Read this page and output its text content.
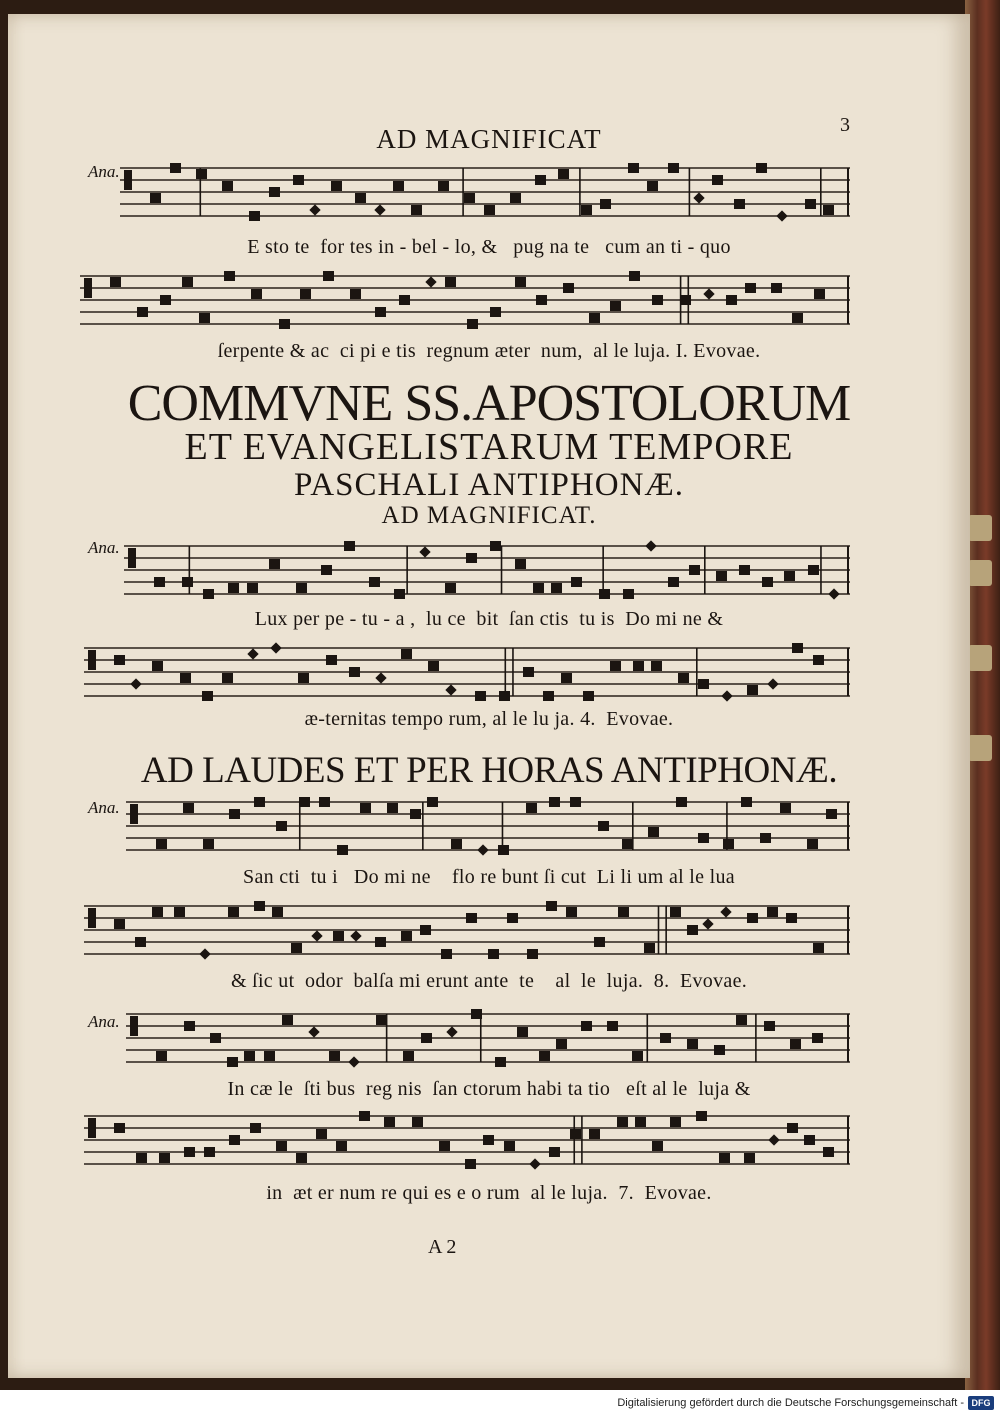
3
AD MAGNIFICAT
Ana.
E sto te  for tes in - bel - lo, &   pug na te   cum an ti - quo
ſerpente & ac  ci pi e tis  regnum æter  num,  al le luja. I. Evovae.
COMMVNE SS.APOSTOLORUM
ET EVANGELISTARUM TEMPORE
PASCHALI ANTIPHONÆ.
AD MAGNIFICAT.
Ana.
Lux per pe - tu - a ,  lu ce  bit  ſan ctis  tu is  Do mi ne &
æ-ternitas tempo rum, al le lu ja. 4.  Evovae.
AD LAUDES ET PER HORAS ANTIPHONÆ.
Ana.
San cti  tu i   Do mi ne    flo re bunt ſi cut  Li li um al le lua
& ſic ut  odor  balſa mi erunt ante  te    al  le  luja.  8.  Evovae.
Ana.
In cæ le  ſti bus  reg nis  ſan ctorum habi ta tio   eſt al le  luja &
in  æt er num re qui es e o rum  al le luja.  7.  Evovae.
A 2
Digitalisierung gefördert durch die Deutsche Forschungsgemeinschaft - DFG
